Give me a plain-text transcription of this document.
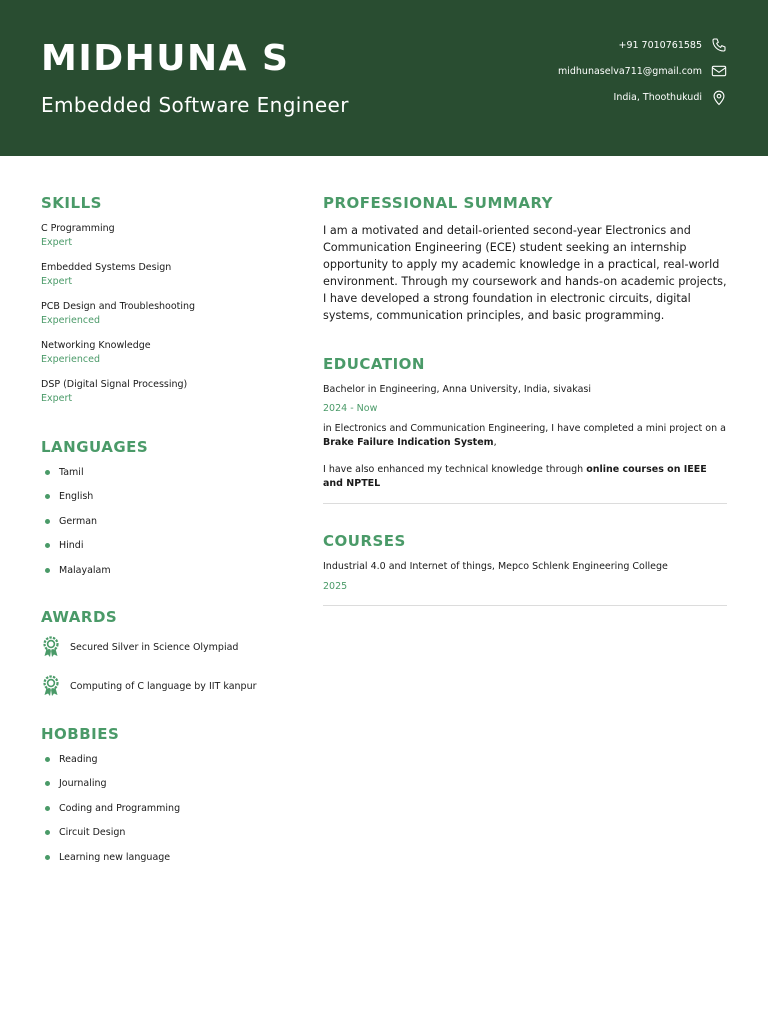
MIDHUNA S
Embedded Software Engineer
+91 7010761585
midhunaselva711@gmail.com
India, Thoothukudi
SKILLS
C Programming
Expert
Embedded Systems Design
Expert
PCB Design and Troubleshooting
Experienced
Networking Knowledge
Experienced
DSP (Digital Signal Processing)
Expert
LANGUAGES
Tamil
English
German
Hindi
Malayalam
AWARDS
Secured Silver in Science Olympiad
Computing of C language by IIT kanpur
HOBBIES
Reading
Journaling
Coding and Programming
Circuit Design
Learning new language
PROFESSIONAL SUMMARY
I am a motivated and detail-oriented second-year Electronics and Communication Engineering (ECE) student seeking an internship opportunity to apply my academic knowledge in a practical, real-world environment. Through my coursework and hands-on academic projects, I have developed a strong foundation in electronic circuits, digital systems, communication principles, and basic programming.
EDUCATION
Bachelor in Engineering, Anna University, India, sivakasi
2024 - Now
in Electronics and Communication Engineering, I have completed a mini project on a Brake Failure Indication System,
I have also enhanced my technical knowledge through online courses on IEEE and NPTEL
COURSES
Industrial 4.0 and Internet of things, Mepco Schlenk Engineering College
2025
